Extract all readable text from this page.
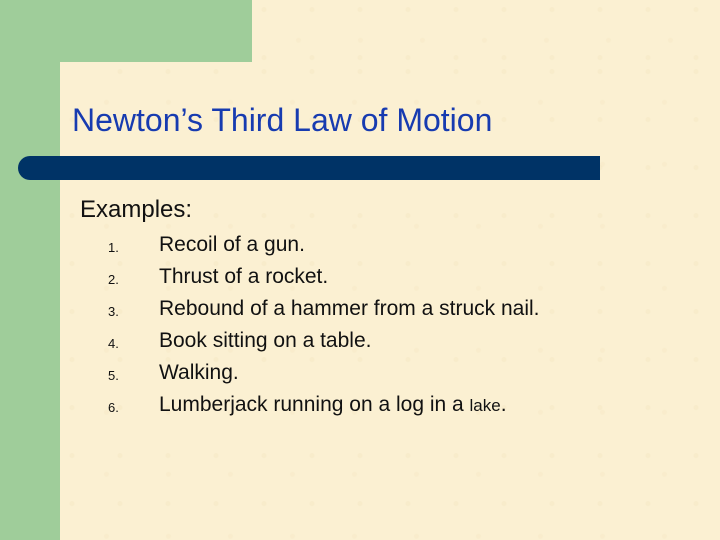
Newton’s Third Law of Motion
Examples:
1.	Recoil of a gun.
2.	Thrust of a rocket.
3.	Rebound of a hammer from a struck nail.
4.	Book sitting on a table.
5.	Walking.
6.	Lumberjack running on a log in a lake.
